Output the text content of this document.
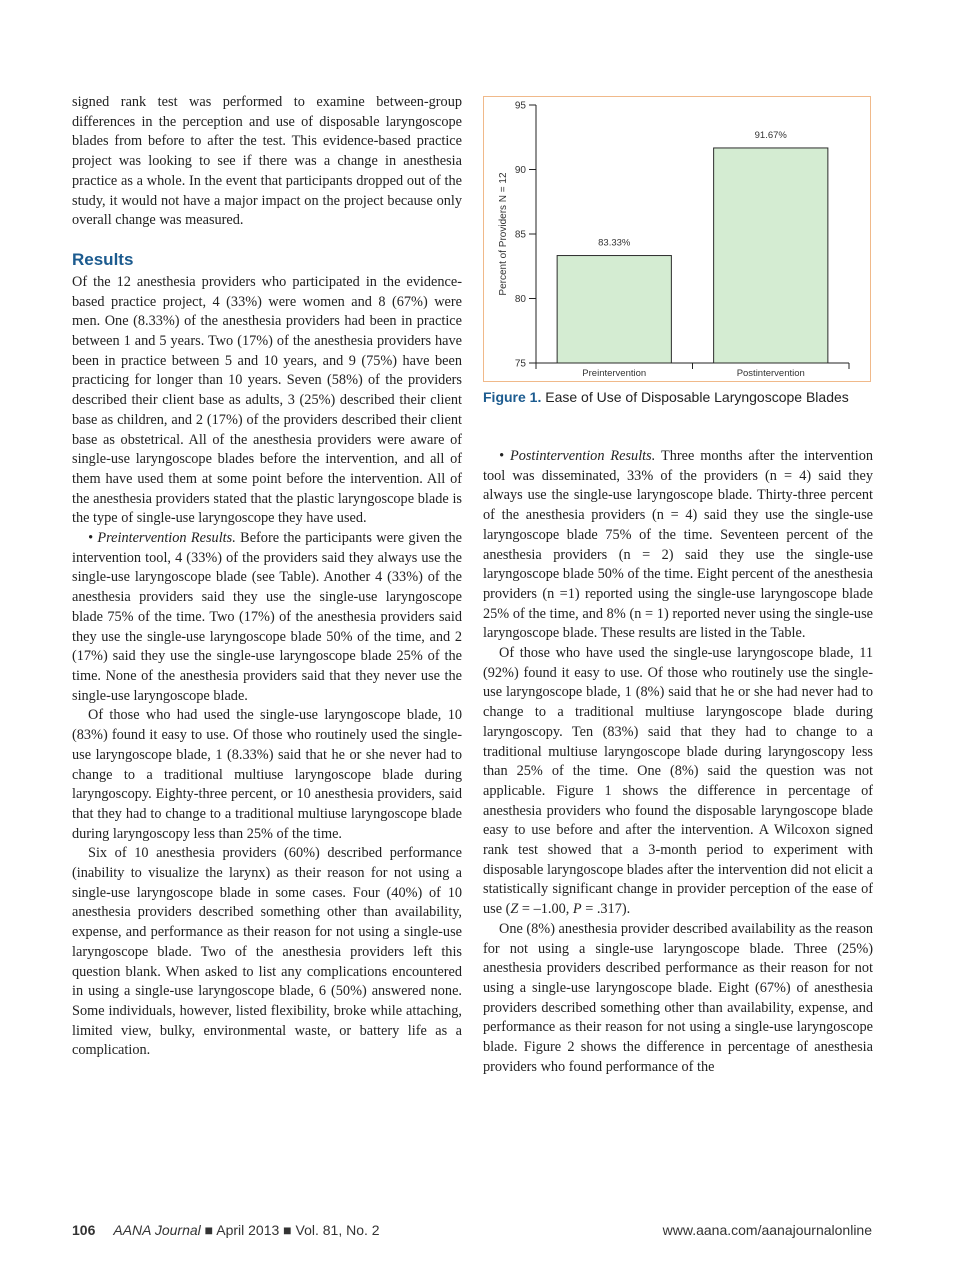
signed rank test was performed to examine between-group differences in the perception and use of disposable laryngoscope blades from before to after the test. This evidence-based practice project was looking to see if there was a change in anesthesia practice as a whole. In the event that participants dropped out of the study, it would not have a major impact on the project because only overall change was measured.

Results

Of the 12 anesthesia providers who participated in the evidence-based practice project, 4 (33%) were women and 8 (67%) were men. One (8.33%) of the anesthesia providers had been in practice between 1 and 5 years. Two (17%) of the anesthesia providers have been in practice between 5 and 10 years, and 9 (75%) have been practicing for longer than 10 years. Seven (58%) of the providers described their client base as adults, 3 (25%) described their client base as children, and 2 (17%) of the providers described their client base as obstetrical. All of the anesthesia providers were aware of single-use laryngoscope blades before the intervention, and all of them have used them at some point before the intervention. All of the anesthesia providers stated that the plastic laryngoscope blade is the type of single-use laryngoscope they have used.

• Preintervention Results. Before the participants were given the intervention tool, 4 (33%) of the providers said they always use the single-use laryngoscope blade (see Table). Another 4 (33%) of the anesthesia providers said they use the single-use laryngoscope blade 75% of the time. Two (17%) of the anesthesia providers said they use the single-use laryngoscope blade 50% of the time, and 2 (17%) said they use the single-use laryngoscope blade 25% of the time. None of the anesthesia providers said that they never use the single-use laryngoscope blade.

Of those who had used the single-use laryngoscope blade, 10 (83%) found it easy to use. Of those who routinely used the single-use laryngoscope blade, 1 (8.33%) said that he or she never had to change to a traditional multiuse laryngoscope blade during laryngoscopy. Eighty-three percent, or 10 anesthesia providers, said that they had to change to a traditional multiuse laryngoscope blade during laryngoscopy less than 25% of the time.

Six of 10 anesthesia providers (60%) described performance (inability to visualize the larynx) as their reason for not using a single-use laryngoscope blade in some cases. Four (40%) of 10 anesthesia providers described something other than availability, expense, and performance as their reason for not using a single-use laryngoscope blade. Two of the anesthesia providers left this question blank. When asked to list any complications encountered in using a single-use laryngoscope blade, 6 (50%) answered none. Some individuals, however, listed flexibility, broke while attaching, limited view, bulky, environmental waste, or battery life as a complication.

75
80
85
90
95
Percent of Providers N = 12	83.33%
Preintervention
91.67%
Postintervention
Figure 1. Ease of Use of Disposable Laryngoscope Blades

• Postintervention Results. Three months after the intervention tool was disseminated, 33% of the providers (n = 4) said they always use the single-use laryngoscope blade. Thirty-three percent of the anesthesia providers (n = 4) said they use the single-use laryngoscope blade 75% of the time. Seventeen percent of the anesthesia providers (n = 2) said they use the single-use laryngoscope blade 50% of the time. Eight percent of the anesthesia providers (n =1) reported using the single-use laryngoscope blade 25% of the time, and 8% (n = 1) reported never using the single-use laryngoscope blade. These results are listed in the Table.

Of those who have used the single-use laryngoscope blade, 11 (92%) found it easy to use. Of those who routinely use the single-use laryngoscope blade, 1 (8%) said that he or she had never had to change to a traditional multiuse laryngoscope blade during laryngoscopy. Ten (83%) said that they had to change to a traditional multiuse laryngoscope blade during laryngoscopy less than 25% of the time. One (8%) said the question was not applicable. Figure 1 shows the difference in percentage of anesthesia providers who found the disposable laryngoscope blade easy to use before and after the intervention. A Wilcoxon signed rank test showed that a 3-month period to experiment with disposable laryngoscope blades after the intervention did not elicit a statistically significant change in provider perception of the ease of use (Z = –1.00, P = .317).

One (8%) anesthesia provider described availability as the reason for not using a single-use laryngoscope blade. Three (25%) anesthesia providers described performance as their reason for not using a single-use laryngoscope blade. Eight (67%) of anesthesia providers described something other than availability, expense, and performance as their reason for not using a single-use laryngoscope blade. Figure 2 shows the difference in percentage of anesthesia providers who found performance of the

106 AANA Journal ■ April 2013 ■ Vol. 81, No. 2	www.aana.com/aanajournalonline
